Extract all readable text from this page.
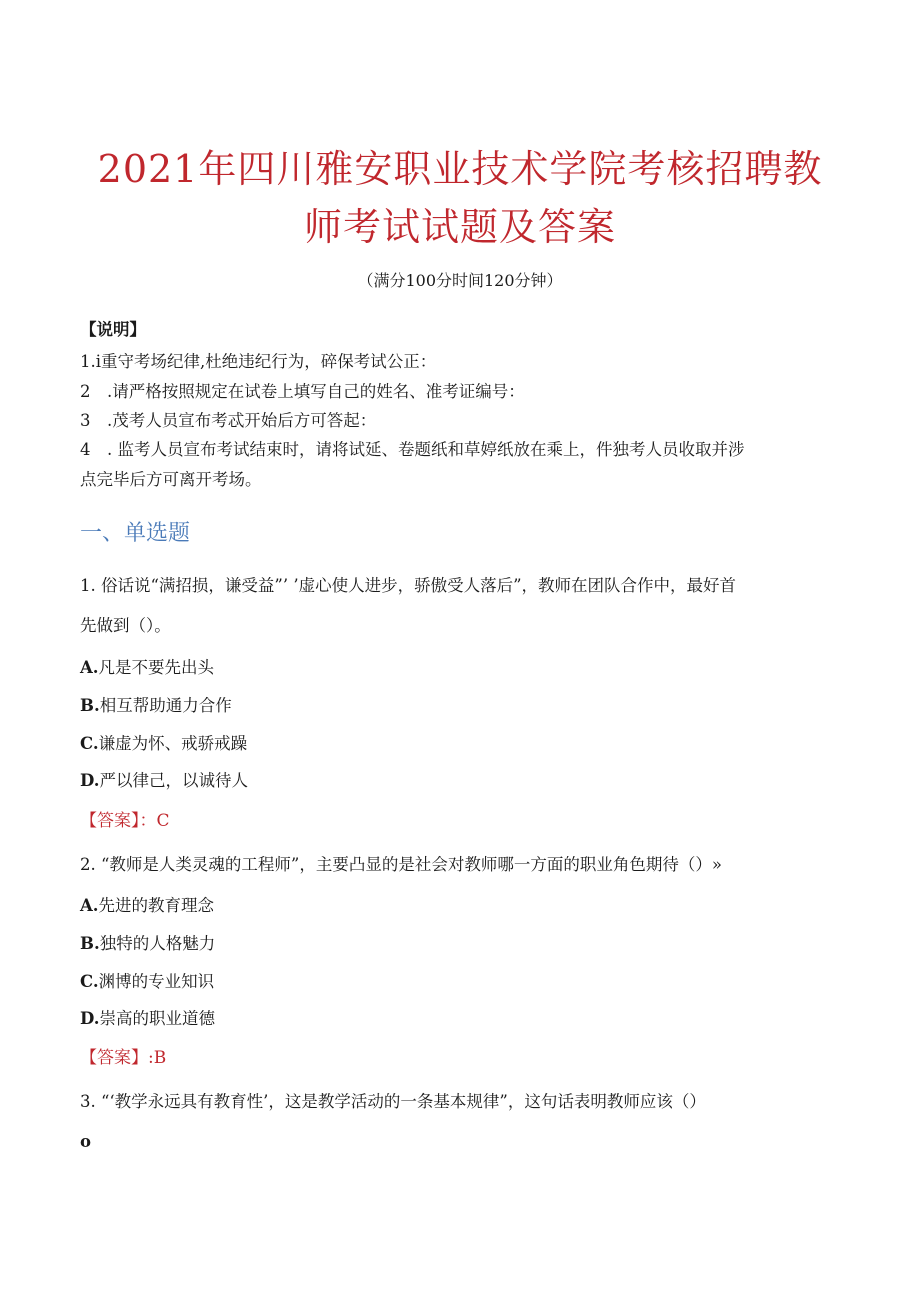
2021年四川雅安职业技术学院考核招聘教
师考试试题及答案
（满分100分时间120分钟）
【说明】
1.i重守考场纪律,杜绝违纪行为，碎保考试公正：
2　.请严格按照规定在试卷上填写自己的姓名、准考证编号：
3　.茂考人员宣布考忒开始后方可答起：
4　. 监考人员宣布考试结束时，请将试延、卷题纸和草婷纸放在乘上，件独考人员收取并涉
点完毕后方可离开考场。
一、单选题
1. 俗话说“满招损，谦受益”’ ’虚心使人进步，骄傲受人落后”，教师在团队合作中，最好首
先做到（）。
A.凡是不要先出头
B.相互帮助通力合作
C.谦虚为怀、戒骄戒躁
D.严以律己，以诚待人
【答案】：C
2. “教师是人类灵魂的工程师”，主要凸显的是社会对教师哪一方面的职业角色期待（）»
A.先进的教育理念
B.独特的人格魅力
C.渊博的专业知识
D.崇高的职业道德
【答案】:B
3. “‘教学永远具有教育性’，这是教学活动的一条基本规律”，这句话表明教师应该（）
o
